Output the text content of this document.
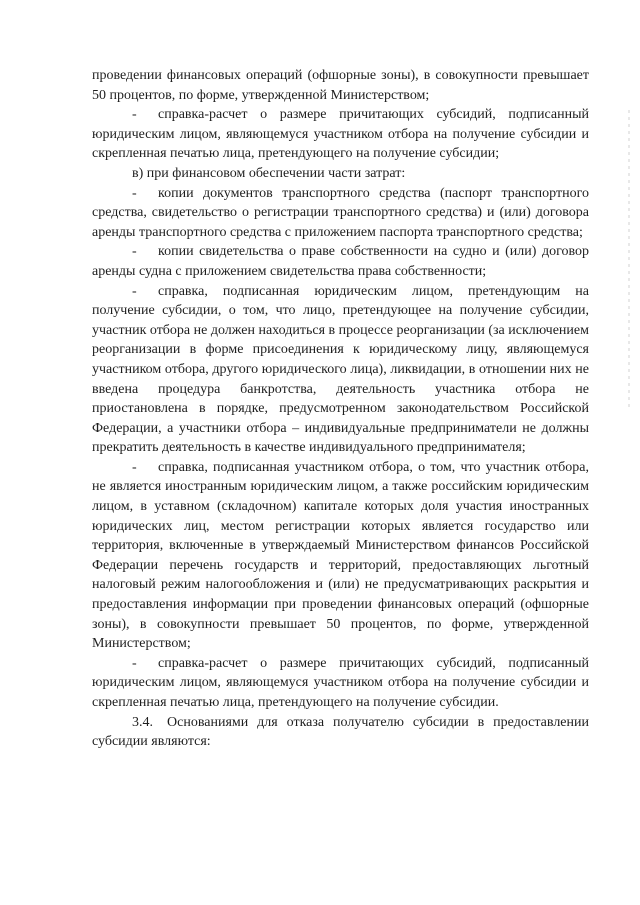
проведении финансовых операций (офшорные зоны), в совокупности превышает 50 процентов, по форме, утвержденной Министерством;

- справка-расчет о размере причитающих субсидий, подписанный юридическим лицом, являющемуся участником отбора на получение субсидии и скрепленная печатью лица, претендующего на получение субсидии;

в) при финансовом обеспечении части затрат:

- копии документов транспортного средства (паспорт транспортного средства, свидетельство о регистрации транспортного средства) и (или) договора аренды транспортного средства с приложением паспорта транспортного средства;

- копии свидетельства о праве собственности на судно и (или) договор аренды судна с приложением свидетельства права собственности;

- справка, подписанная юридическим лицом, претендующим на получение субсидии, о том, что лицо, претендующее на получение субсидии, участник отбора не должен находиться в процессе реорганизации (за исключением реорганизации в форме присоединения к юридическому лицу, являющемуся участником отбора, другого юридического лица), ликвидации, в отношении них не введена процедура банкротства, деятельность участника отбора не приостановлена в порядке, предусмотренном законодательством Российской Федерации, а участники отбора – индивидуальные предприниматели не должны прекратить деятельность в качестве индивидуального предпринимателя;

- справка, подписанная участником отбора, о том, что участник отбора, не является иностранным юридическим лицом, а также российским юридическим лицом, в уставном (складочном) капитале которых доля участия иностранных юридических лиц, местом регистрации которых является государство или территория, включенные в утверждаемый Министерством финансов Российской Федерации перечень государств и территорий, предоставляющих льготный налоговый режим налогообложения и (или) не предусматривающих раскрытия и предоставления информации при проведении финансовых операций (офшорные зоны), в совокупности превышает 50 процентов, по форме, утвержденной Министерством;

- справка-расчет о размере причитающих субсидий, подписанный юридическим лицом, являющемуся участником отбора на получение субсидии и скрепленная печатью лица, претендующего на получение субсидии.

3.4. Основаниями для отказа получателю субсидии в предоставлении субсидии являются:
